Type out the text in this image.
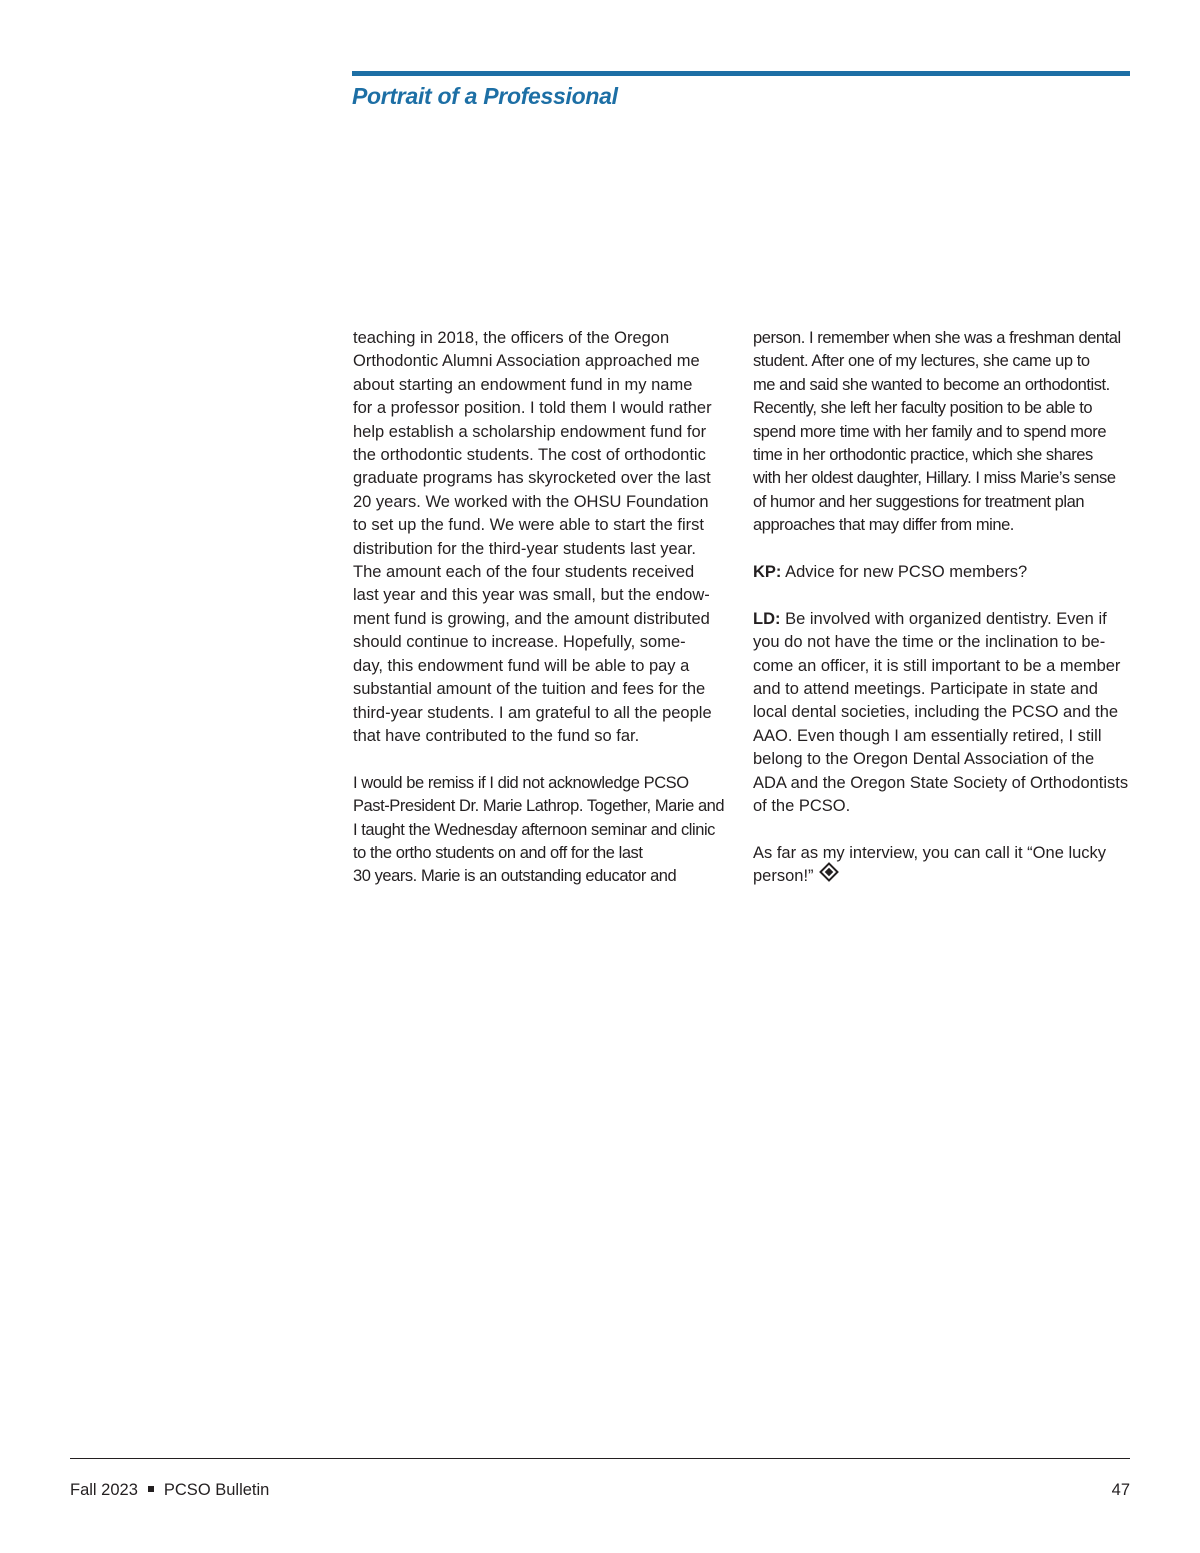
Portrait of a Professional

teaching in 2018, the officers of the Oregon
Orthodontic Alumni Association approached me
about starting an endowment fund in my name
for a professor position. I told them I would rather
help establish a scholarship endowment fund for
the orthodontic students. The cost of orthodontic
graduate programs has skyrocketed over the last
20 years. We worked with the OHSU Foundation
to set up the fund. We were able to start the first
distribution for the third-year students last year.
The amount each of the four students received
last year and this year was small, but the endow-
ment fund is growing, and the amount distributed
should continue to increase. Hopefully, some-
day, this endowment fund will be able to pay a
substantial amount of the tuition and fees for the
third-year students. I am grateful to all the people
that have contributed to the fund so far.

I would be remiss if I did not acknowledge PCSO
Past-President Dr. Marie Lathrop. Together, Marie and
I taught the Wednesday afternoon seminar and clinic
to the ortho students on and off for the last
30 years. Marie is an outstanding educator and

person. I remember when she was a freshman dental
student. After one of my lectures, she came up to
me and said she wanted to become an orthodontist.
Recently, she left her faculty position to be able to
spend more time with her family and to spend more
time in her orthodontic practice, which she shares
with her oldest daughter, Hillary. I miss Marie’s sense
of humor and her suggestions for treatment plan
approaches that may differ from mine.

KP: Advice for new PCSO members?

LD: Be involved with organized dentistry. Even if
you do not have the time or the inclination to be-
come an officer, it is still important to be a member
and to attend meetings. Participate in state and
local dental societies, including the PCSO and the
AAO. Even though I am essentially retired, I still
belong to the Oregon Dental Association of the
ADA and the Oregon State Society of Orthodontists
of the PCSO.

As far as my interview, you can call it “One lucky
person!”

Fall 2023 PCSO Bulletin	47
